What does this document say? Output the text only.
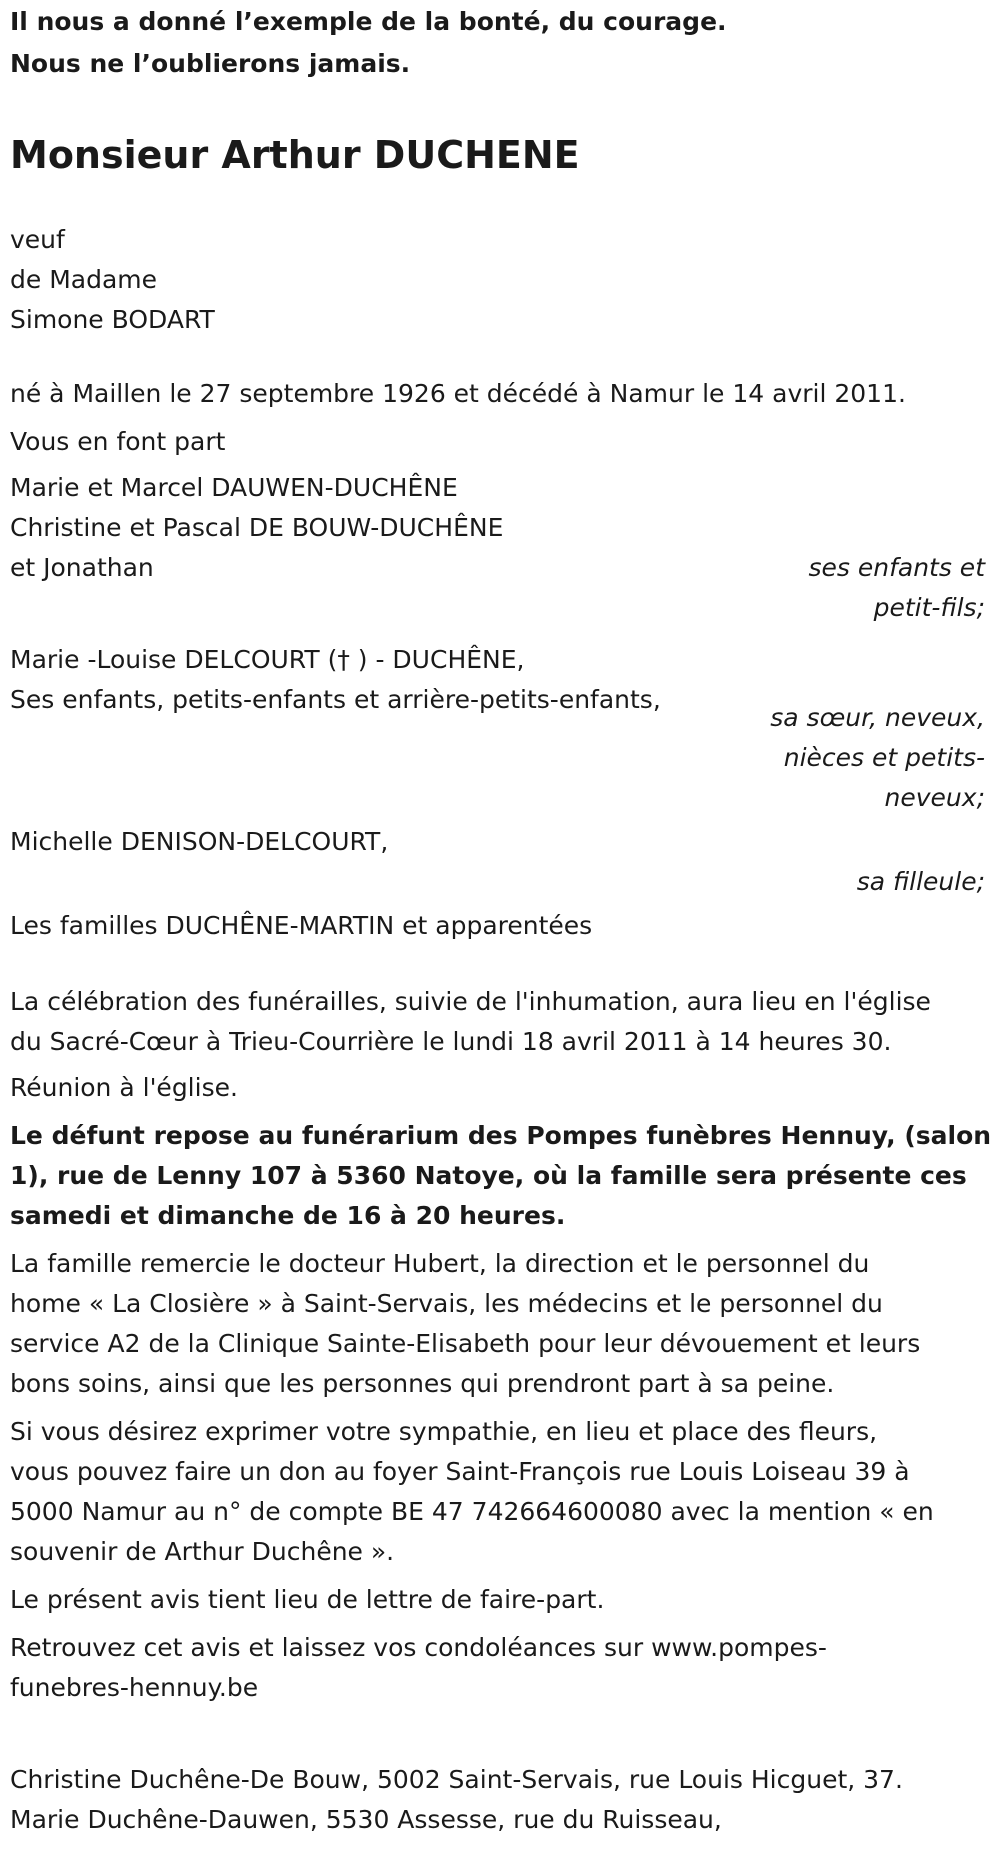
Il nous a donné l’exemple de la bonté, du courage.
Nous ne l’oublierons jamais.
Monsieur Arthur DUCHENE
veuf
de Madame
Simone BODART
né à Maillen le 27 septembre 1926 et décédé à Namur le 14 avril 2011.
Vous en font part
Marie et Marcel DAUWEN-DUCHÊNE
Christine et Pascal DE BOUW-DUCHÊNE
et Jonathan	ses enfants et
petit-fils;
Marie -Louise DELCOURT († ) - DUCHÊNE,
Ses enfants, petits-enfants et arrière-petits-enfants,
sa sœur, neveux,
nièces et petits-
neveux;
Michelle DENISON-DELCOURT,
sa filleule;
Les familles DUCHÊNE-MARTIN et apparentées
La célébration des funérailles, suivie de l'inhumation, aura lieu en l'église
du Sacré-Cœur à Trieu-Courrière le lundi 18 avril 2011 à 14 heures 30.
Réunion à l'église.
Le défunt repose au funérarium des Pompes funèbres Hennuy, (salon
1), rue de Lenny 107 à 5360 Natoye, où la famille sera présente ces
samedi et dimanche de 16 à 20 heures.
La famille remercie le docteur Hubert, la direction et le personnel du
home « La Closière » à Saint-Servais, les médecins et le personnel du
service A2 de la Clinique Sainte-Elisabeth pour leur dévouement et leurs
bons soins, ainsi que les personnes qui prendront part à sa peine.
Si vous désirez exprimer votre sympathie, en lieu et place des fleurs,
vous pouvez faire un don au foyer Saint-François rue Louis Loiseau 39 à
5000 Namur au n° de compte BE 47 742664600080 avec la mention « en
souvenir de Arthur Duchêne ».
Le présent avis tient lieu de lettre de faire-part.
Retrouvez cet avis et laissez vos condoléances sur www.pompes-
funebres-hennuy.be
Christine Duchêne-De Bouw, 5002 Saint-Servais, rue Louis Hicguet, 37.
Marie Duchêne-Dauwen, 5530 Assesse, rue du Ruisseau,
